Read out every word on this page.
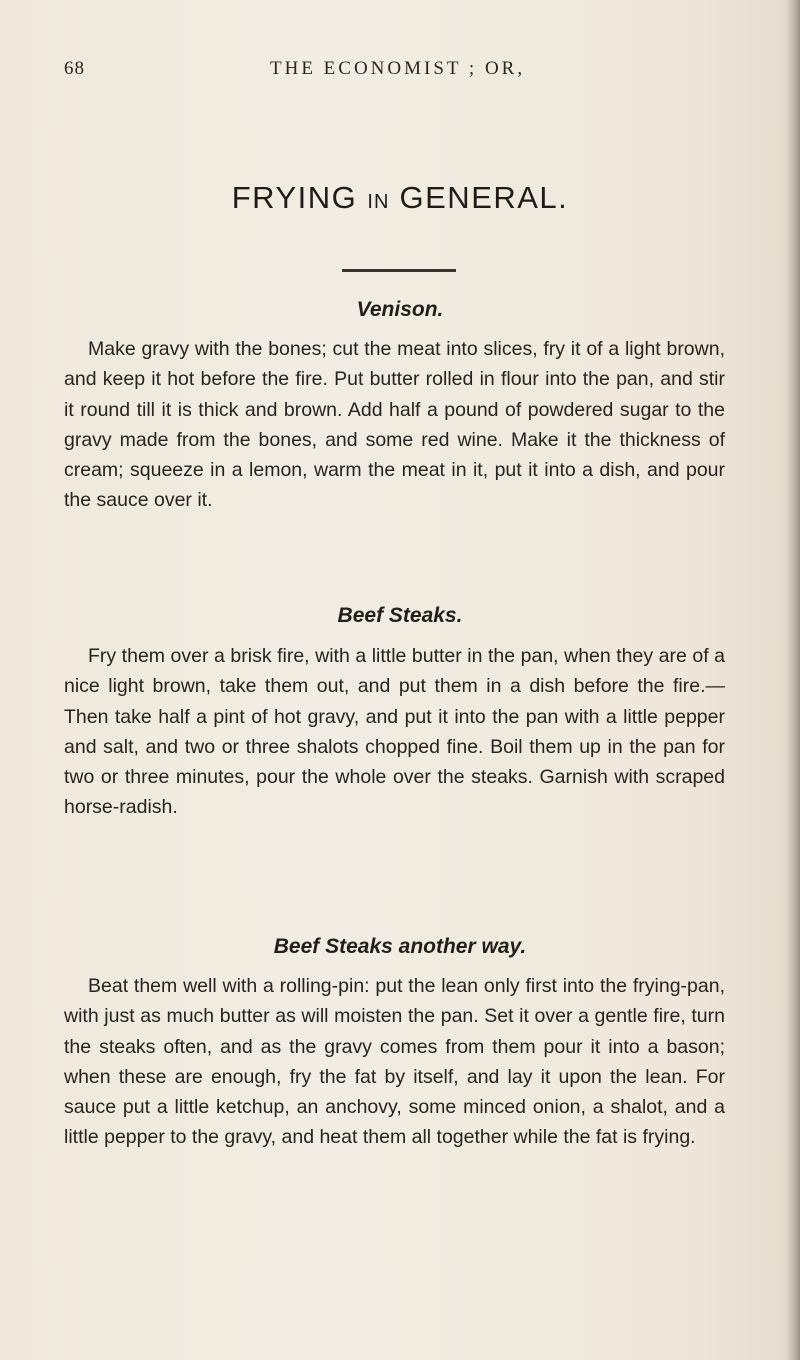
68	THE ECONOMIST ; OR,
FRYING IN GENERAL.
Venison.
Make gravy with the bones; cut the meat into slices, fry it of a light brown, and keep it hot before the fire. Put butter rolled in flour into the pan, and stir it round till it is thick and brown. Add half a pound of powdered sugar to the gravy made from the bones, and some red wine. Make it the thickness of cream; squeeze in a lemon, warm the meat in it, put it into a dish, and pour the sauce over it.
Beef Steaks.
Fry them over a brisk fire, with a little butter in the pan, when they are of a nice light brown, take them out, and put them in a dish before the fire.—Then take half a pint of hot gravy, and put it into the pan with a little pepper and salt, and two or three shalots chopped fine. Boil them up in the pan for two or three minutes, pour the whole over the steaks. Garnish with scraped horse-radish.
Beef Steaks another way.
Beat them well with a rolling-pin: put the lean only first into the frying-pan, with just as much butter as will moisten the pan. Set it over a gentle fire, turn the steaks often, and as the gravy comes from them pour it into a bason; when these are enough, fry the fat by itself, and lay it upon the lean. For sauce put a little ketchup, an anchovy, some minced onion, a shalot, and a little pepper to the gravy, and heat them all together while the fat is frying.
